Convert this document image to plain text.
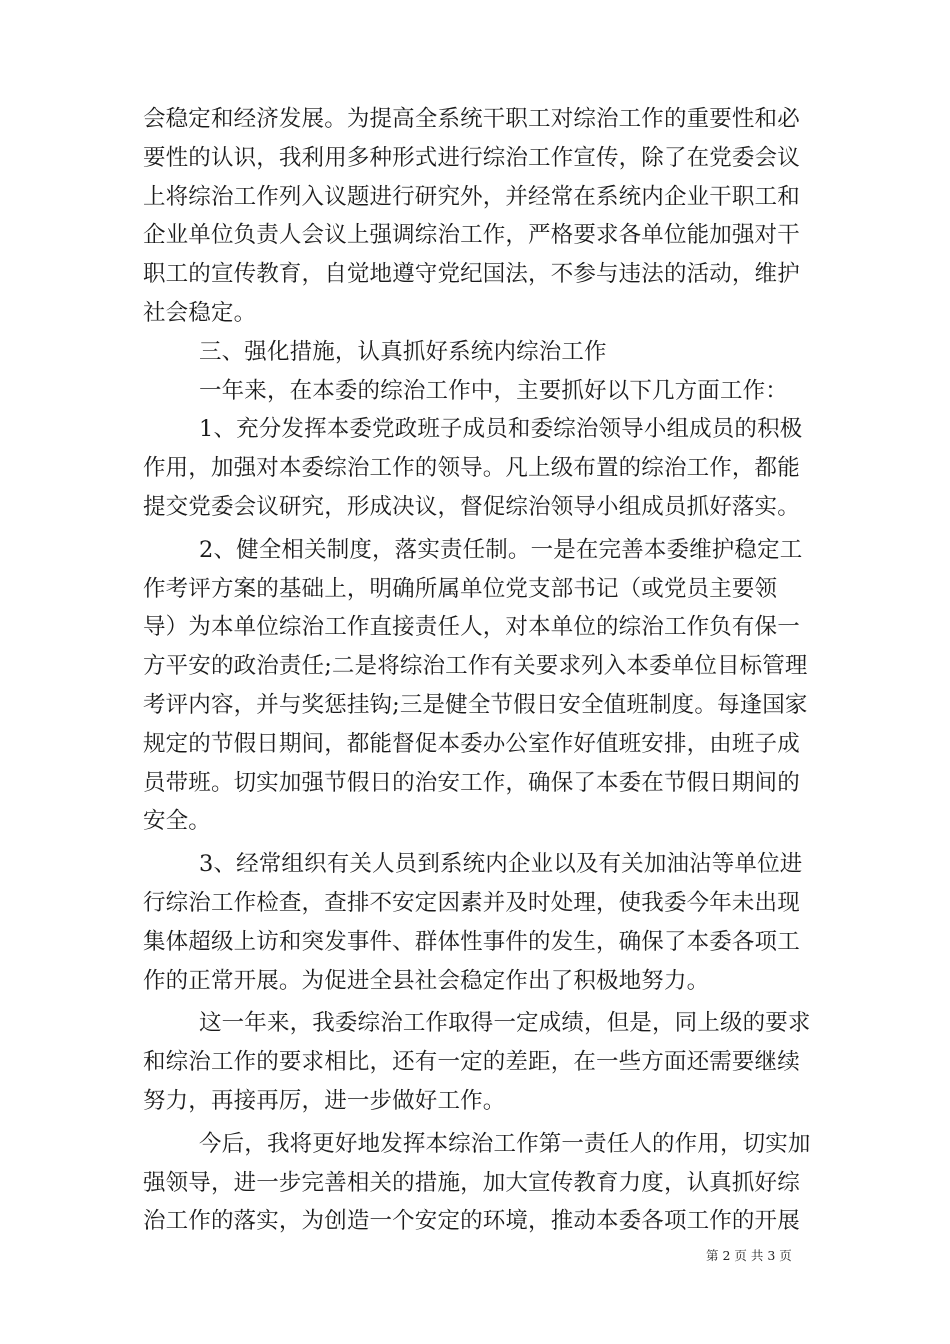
会稳定和经济发展。为提高全系统干职工对综治工作的重要性和必
要性的认识，我利用多种形式进行综治工作宣传，除了在党委会议
上将综治工作列入议题进行研究外，并经常在系统内企业干职工和
企业单位负责人会议上强调综治工作，严格要求各单位能加强对干
职工的宣传教育，自觉地遵守党纪国法，不参与违法的活动，维护
社会稳定。

三、强化措施，认真抓好系统内综治工作

一年来，在本委的综治工作中，主要抓好以下几方面工作：

1、充分发挥本委党政班子成员和委综治领导小组成员的积极
作用，加强对本委综治工作的领导。凡上级布置的综治工作，都能
提交党委会议研究，形成决议，督促综治领导小组成员抓好落实。

2、健全相关制度，落实责任制。一是在完善本委维护稳定工
作考评方案的基础上，明确所属单位党支部书记（或党员主要领
导）为本单位综治工作直接责任人，对本单位的综治工作负有保一
方平安的政治责任;二是将综治工作有关要求列入本委单位目标管理
考评内容，并与奖惩挂钩;三是健全节假日安全值班制度。每逢国家
规定的节假日期间，都能督促本委办公室作好值班安排，由班子成
员带班。切实加强节假日的治安工作，确保了本委在节假日期间的
安全。

3、经常组织有关人员到系统内企业以及有关加油沾等单位进
行综治工作检查，查排不安定因素并及时处理，使我委今年未出现
集体超级上访和突发事件、群体性事件的发生，确保了本委各项工
作的正常开展。为促进全县社会稳定作出了积极地努力。

这一年来，我委综治工作取得一定成绩，但是，同上级的要求
和综治工作的要求相比，还有一定的差距，在一些方面还需要继续
努力，再接再厉，进一步做好工作。

今后，我将更好地发挥本综治工作第一责任人的作用，切实加
强领导，进一步完善相关的措施，加大宣传教育力度，认真抓好综
治工作的落实，为创造一个安定的环境，推动本委各项工作的开展

第 2 页 共 3 页
